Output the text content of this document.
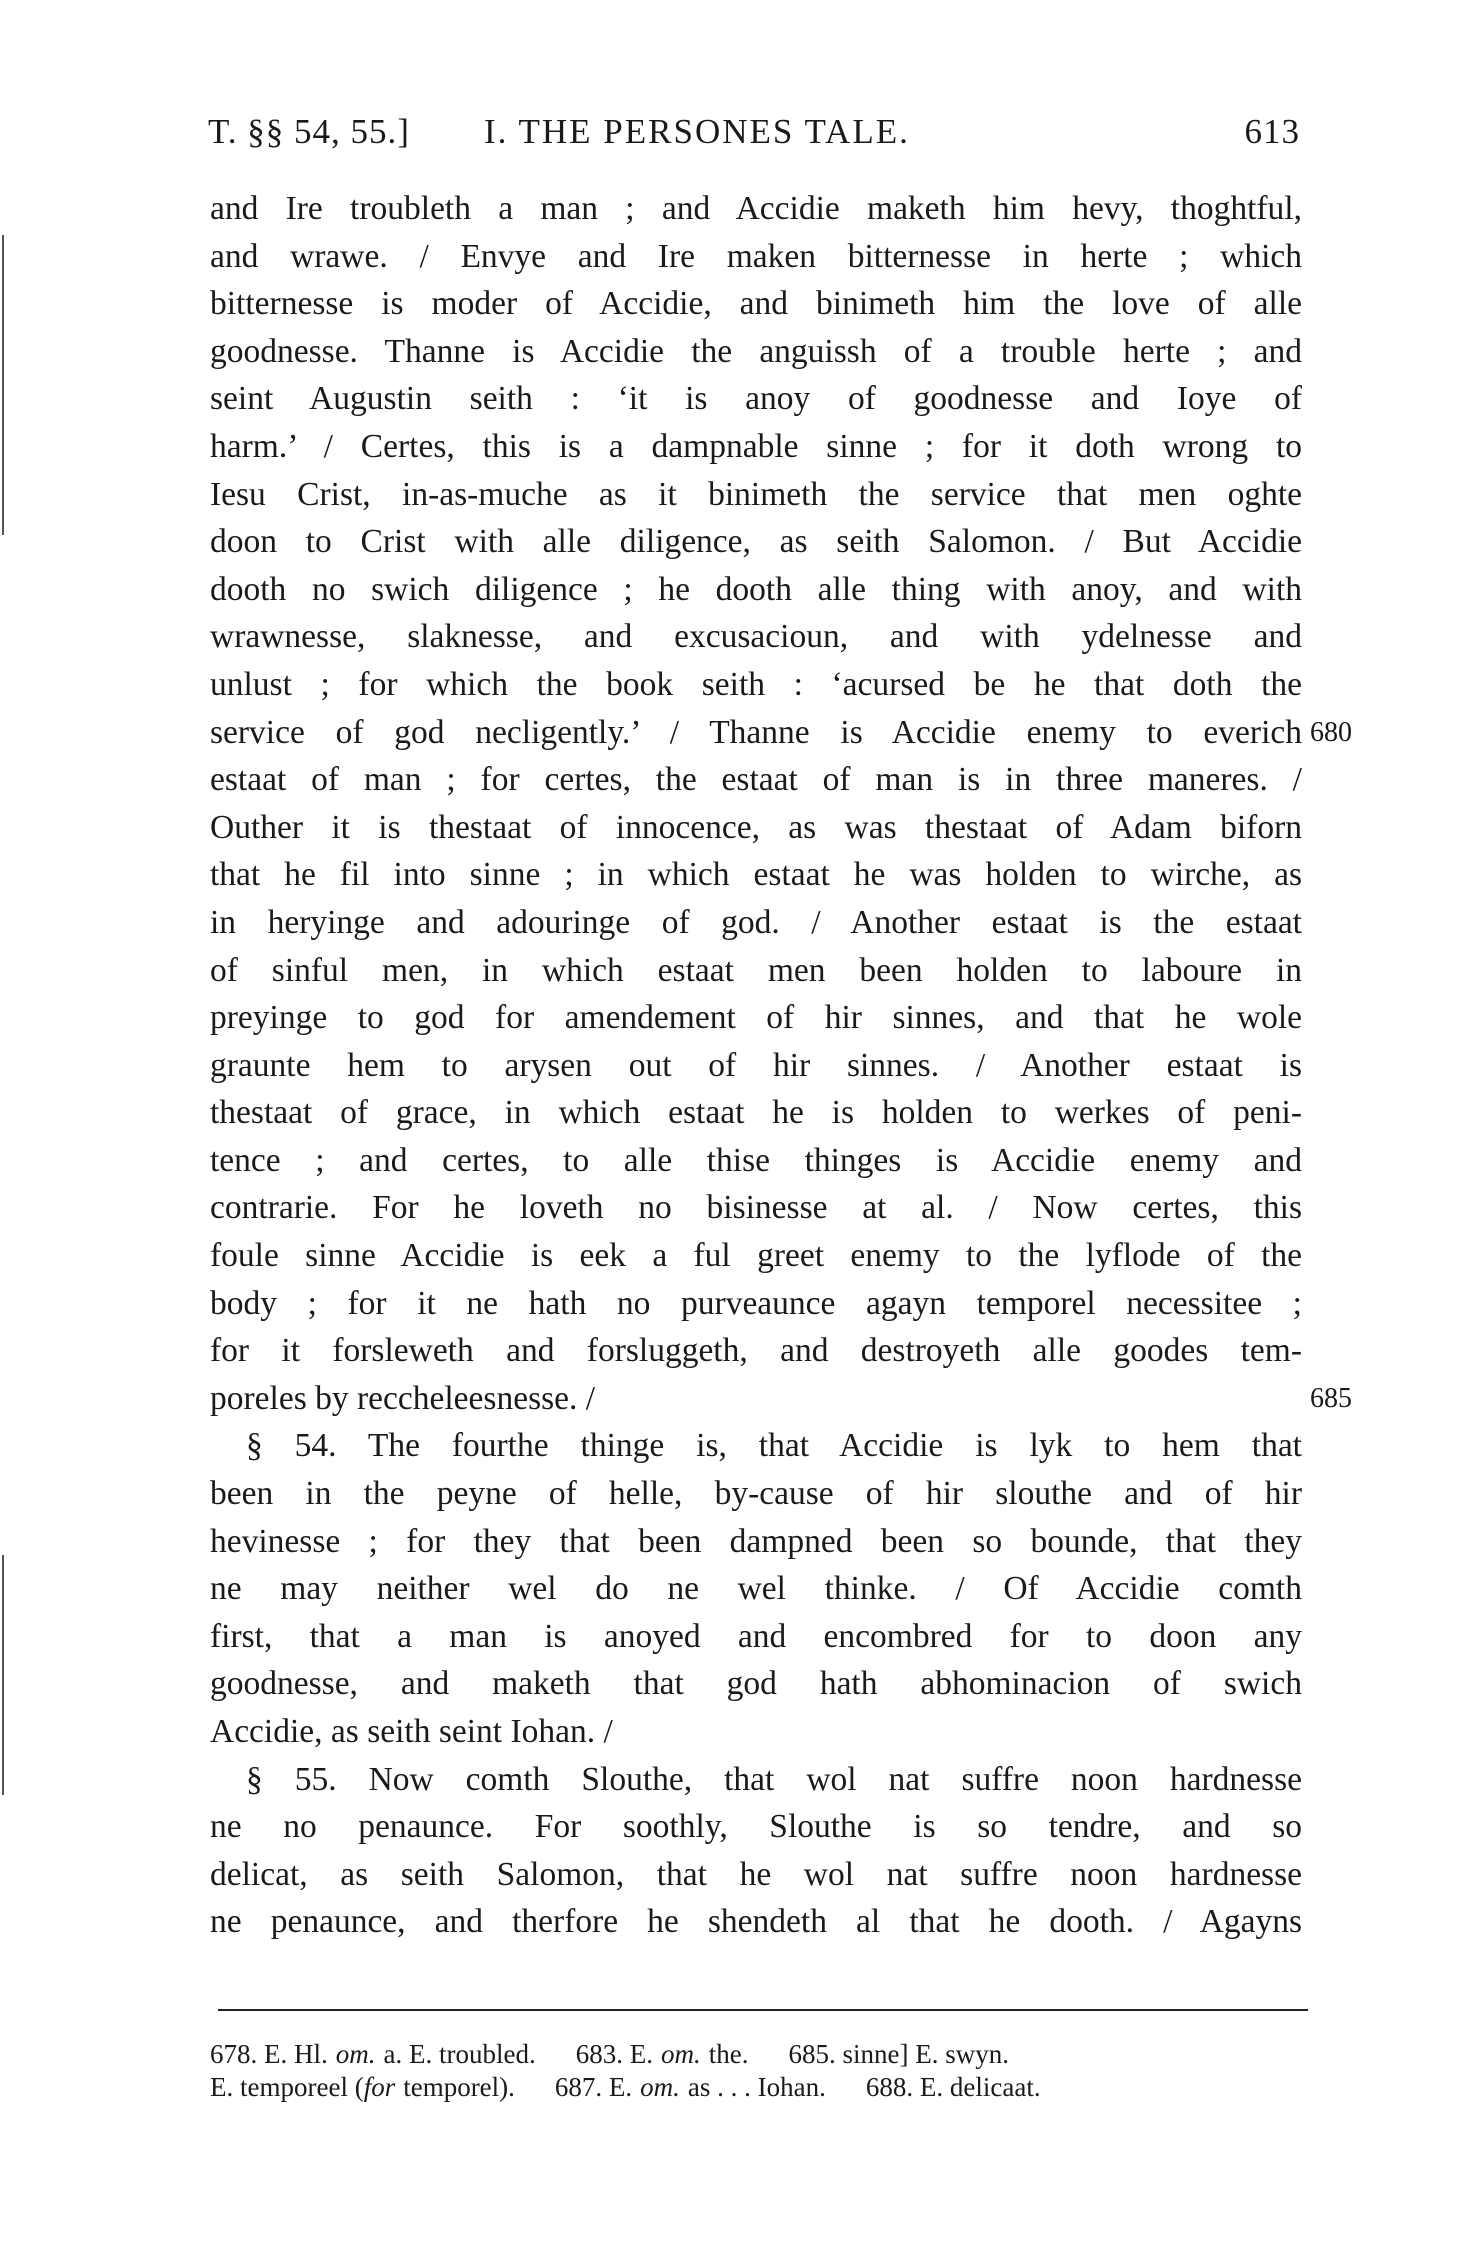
T. §§ 54, 55.] I. THE PERSONES TALE.	613
and Ire troubleth a man ; and Accidie maketh him hevy, thoghtful,
and wrawe. / Envye and Ire maken bitternesse in herte ; which
bitternesse is moder of Accidie, and binimeth him the love of alle
goodnesse. Thanne is Accidie the anguissh of a trouble herte ; and
seint Augustin seith : ‘it is anoy of goodnesse and Ioye of
harm.’ / Certes, this is a dampnable sinne ; for it doth wrong to
Iesu Crist, in-as-muche as it binimeth the service that men oghte
doon to Crist with alle diligence, as seith Salomon. / But Accidie
dooth no swich diligence ; he dooth alle thing with anoy, and with
wrawnesse, slaknesse, and excusacioun, and with ydelnesse and
unlust ; for which the book seith : ‘acursed be he that doth the
service of god necligently.’ / Thanne is Accidie enemy to everich 680
estaat of man ; for certes, the estaat of man is in three maneres. /
Outher it is thestaat of innocence, as was thestaat of Adam biforn
that he fil into sinne ; in which estaat he was holden to wirche, as
in heryinge and adouringe of god. / Another estaat is the estaat
of sinful men, in which estaat men been holden to laboure in
preyinge to god for amendement of hir sinnes, and that he wole
graunte hem to arysen out of hir sinnes. / Another estaat is
thestaat of grace, in which estaat he is holden to werkes of peni-
tence ; and certes, to alle thise thinges is Accidie enemy and
contrarie. For he loveth no bisinesse at al. / Now certes, this
foule sinne Accidie is eek a ful greet enemy to the lyflode of the
body ; for it ne hath no purveaunce agayn temporel necessitee ;
for it forsleweth and forsluggeth, and destroyeth alle goodes tem-
poreles by reccheleesnesse. /	685
§ 54. The fourthe thinge is, that Accidie is lyk to hem that
been in the peyne of helle, by-cause of hir slouthe and of hir
hevinesse ; for they that been dampned been so bounde, that they
ne may neither wel do ne wel thinke. / Of Accidie comth
first, that a man is anoyed and encombred for to doon any
goodnesse, and maketh that god hath abhominacion of swich
Accidie, as seith seint Iohan. /
§ 55. Now comth Slouthe, that wol nat suffre noon hardnesse
ne no penaunce. For soothly, Slouthe is so tendre, and so
delicat, as seith Salomon, that he wol nat suffre noon hardnesse
ne penaunce, and therfore he shendeth al that he dooth. / Agayns
678. E. Hl. om. a. E. troubled. 683. E. om. the. 685. sinne] E. swyn.
E. temporeel (for temporel). 687. E. om. as . . . Iohan. 688. E. delicaat.
